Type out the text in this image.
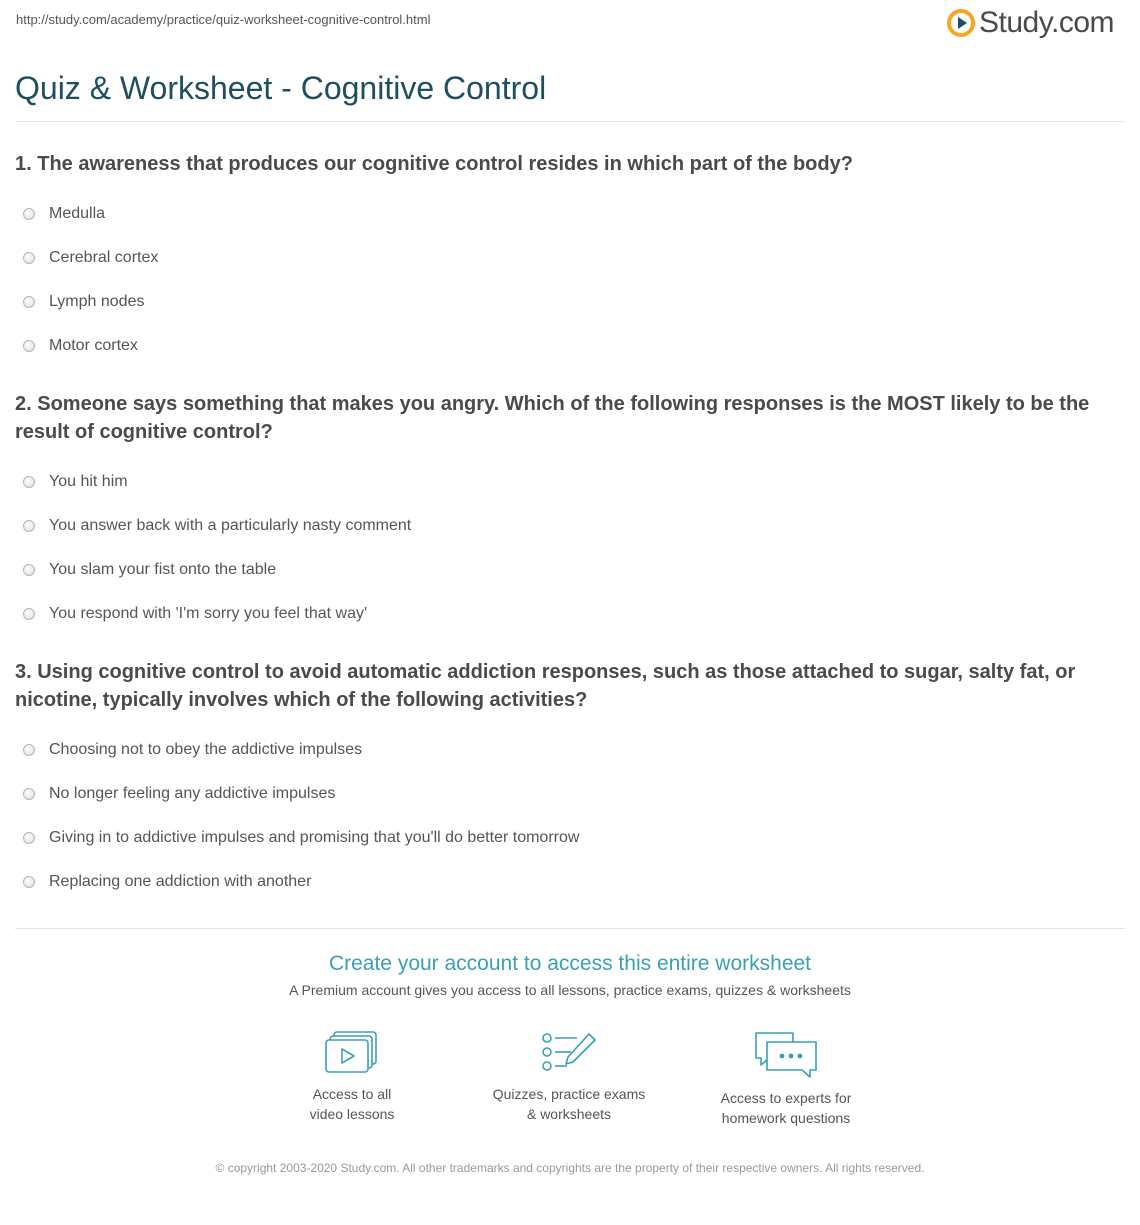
http://study.com/academy/practice/quiz-worksheet-cognitive-control.html	Study.com
Quiz & Worksheet - Cognitive Control

1. The awareness that produces our cognitive control resides in which part of the body?

Medulla
Cerebral cortex
Lymph nodes
Motor cortex

2. Someone says something that makes you angry. Which of the following responses is the MOST likely to be the result of cognitive control?

You hit him
You answer back with a particularly nasty comment
You slam your fist onto the table
You respond with 'I'm sorry you feel that way'

3. Using cognitive control to avoid automatic addiction responses, such as those attached to sugar, salty fat, or nicotine, typically involves which of the following activities?

Choosing not to obey the addictive impulses
No longer feeling any addictive impulses
Giving in to addictive impulses and promising that you'll do better tomorrow
Replacing one addiction with another
Create your account to access this entire worksheet
A Premium account gives you access to all lessons, practice exams, quizzes & worksheets
Access to all
video lessons
Quizzes, practice exams
& worksheets
Access to experts for
homework questions
© copyright 2003-2020 Study.com. All other trademarks and copyrights are the property of their respective owners. All rights reserved.
